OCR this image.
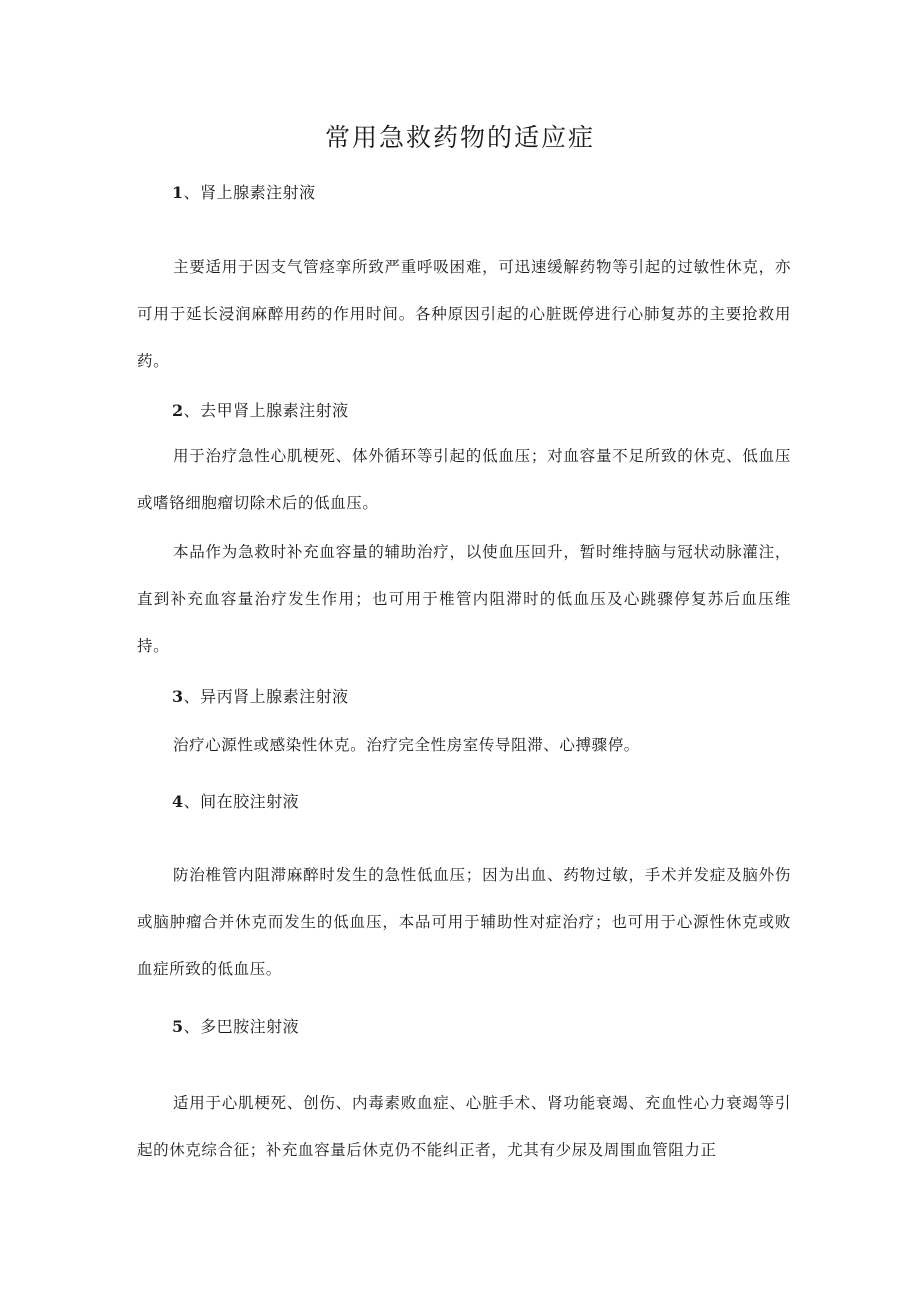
常用急救药物的适应症
1、肾上腺素注射液

主要适用于因支气管痉挛所致严重呼吸困难，可迅速缓解药物等引起的过敏性休克，亦可用于延长浸润麻醉用药的作用时间。各种原因引起的心脏既停进行心肺复苏的主要抢救用药。

2、去甲肾上腺素注射液

用于治疗急性心肌梗死、体外循环等引起的低血压；对血容量不足所致的休克、低血压或嗜铬细胞瘤切除术后的低血压。

本品作为急救时补充血容量的辅助治疗，以使血压回升，暂时维持脑与冠状动脉灌注，直到补充血容量治疗发生作用；也可用于椎管内阻滞时的低血压及心跳骤停复苏后血压维持。

3、异丙肾上腺素注射液

治疗心源性或感染性休克。治疗完全性房室传导阻滞、心搏骤停。

4、间在胶注射液

防治椎管内阻滞麻醉时发生的急性低血压；因为出血、药物过敏，手术并发症及脑外伤或脑肿瘤合并休克而发生的低血压，本品可用于辅助性对症治疗；也可用于心源性休克或败血症所致的低血压。

5、多巴胺注射液

适用于心肌梗死、创伤、内毒素败血症、心脏手术、肾功能衰竭、充血性心力衰竭等引起的休克综合征；补充血容量后休克仍不能纠正者，尤其有少尿及周围血管阻力正
